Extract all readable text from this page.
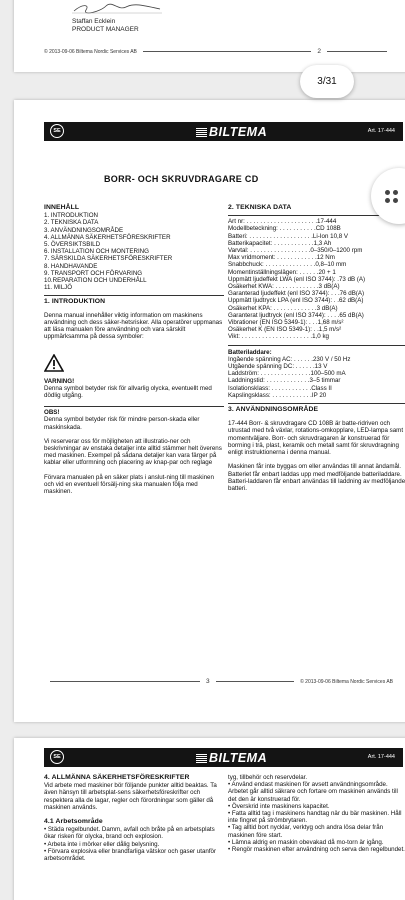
Staffan Ecklein
PRODUCT MANAGER
© 2013-09-06 Biltema Nordic Services AB	2
SE	BILTEMA	Art. 17-444
BORR- OCH SKRUVDRAGARE CD
INNEHÅLL
1. INTRODUKTION
2. TEKNISKA DATA
3. ANVÄNDNINGSOMRÅDE
4. ALLMÄNNA SÄKERHETSFÖRESKRIFTER
5. ÖVERSIKTSBILD
6. INSTALLATION OCH MONTERING
7. SÄRSKILDA SÄKERHETSFÖRESKRIFTER
8. HANDHAVANDE
9. TRANSPORT OCH FÖRVARING
10.REPARATION OCH UNDERHÅLL
11. MILJÖ
1. INTRODUKTION
Denna manual innehåller viktig information om maskinens användning och dess säker-hetsrisker. Alla operatörer uppmanas att läsa manualen före användning och vara särskilt uppmärksamma på dessa symboler:
VARNING!
Denna symbol betyder risk för allvarlig olycka, eventuellt med dödlig utgång.
OBS!
Denna symbol betyder risk för mindre person-skada eller maskinskada.
Vi reserverar oss för möjligheten att illustratio-ner och beskrivningar av enstaka detaljer inte alltid stämmer helt överens med maskinen. Exempel på sådana detaljer kan vara färger på kablar eller utformning och placering av knap-par och reglage
Förvara manualen på en säker plats i anslut-ning till maskinen och vid en eventuell försälj-ning ska manualen följa med maskinen.
2. TEKNISKA DATA
Art nr: . . . . . . . . . . . . . . . . . . . . .17-444
Modellbeteckning: . . . . . . . . . . .CD 108B
Batteri: . . . . . . . . . . . . . . . . . . .Li-Ion 10,8 V
Batterikapacitet: . . . . . . . . . . . .1,3 Ah
Varvtal: . . . . . . . . . . . . . . . . . .0–350/0–1200 rpm
Max vridmoment: . . . . . . . . . . . .12 Nm
Snabbchuck: . . . . . . . . . . . . . . .0,8–10 mm
Momentinställningslägen: . . . . . .20 + 1
Uppmätt ljudeffekt LWA (enl ISO 3744): .73 dB (A)
Osäkerhet KWA: . . . . . . . . . . . . .3 dB(A)
Garanterad ljudeffekt (enl ISO 3744): . . .76 dB(A)
Uppmätt ljudtryck LPA (enl ISO 3744): . .62 dB(A)
Osäkerhet KPA: . . . . . . . . . . . . .3 dB(A)
Garanterat ljudtryck (enl ISO 3744): . . . .65 dB(A)
Vibrationer (EN ISO 5349-1): . . .1,68 m/s²
Osäkerhet K (EN ISO 5349-1): . .1,5 m/s²
Vikt: . . . . . . . . . . . . . . . . . . . . .1,0 kg
Batteriladdare:
Ingående spänning AC: . . . . . .230 V / 50 Hz
Utgående spänning DC: . . . . . .13 V
Laddström: . . . . . . . . . . . . . . .100–500 mA
Laddningstid: . . . . . . . . . . . . .3–5 timmar
Isolationsklass: . . . . . . . . . . . .Class II
Kapslingsklass: . . . . . . . . . . . .IP 20
3. ANVÄNDNINGSOMRÅDE
17-444 Borr- & skruvdragare CD 108B är batte-ridriven och utrustad med två växlar, rotations-omkopplare, LED-lampa samt momentväljare. Borr- och skruvdragaren är konstruerad för borrning i trä, plast, keramik och metall samt för skruvdragning enligt instruktionerna i denna manual.
Maskinen får inte byggas om eller användas till annat ändamål. Batteriet får enbart laddas upp med medföljande batteriladdare. Batteri-laddaren får enbart användas till laddning av medföljande batteri.
3	© 2013-09-06 Biltema Nordic Services AB
3/31
SE	BILTEMA	Art. 17-444
4. ALLMÄNNA SÄKERHETSFÖRESKRIFTER
Vid arbete med maskiner bör följande punkter alltid beaktas. Ta även hänsyn till arbetsplat-sens säkerhetsföreskrifter och respektera alla de lagar, regler och förordningar som gäller då maskinen används.
4.1 Arbetsområde
• Städa regelbundet. Damm, avfall och bråte på en arbetsplats ökar risken för olycka, brand och explosion.
• Arbeta inte i mörker eller dålig belysning.
• Förvara explosiva eller brandfarliga vätskor och gaser utanför arbetsområdet.
tyg, tillbehör och reservdelar.
• Använd endast maskinen för avsett användningsområde. Arbetet går alltid säkrare och fortare om maskinen används till det den är konstruerad för.
• Överskrid inte maskinens kapacitet.
• Fatta alltid tag i maskinens handtag när du bär maskinen. Håll inte fingret på strömbrytaren.
• Tag alltid bort nycklar, verktyg och andra lösa delar från maskinen före start.
• Lämna aldrig en maskin obevakad då mo-torn är igång.
• Rengör maskinen efter användning och serva den regelbundet.
